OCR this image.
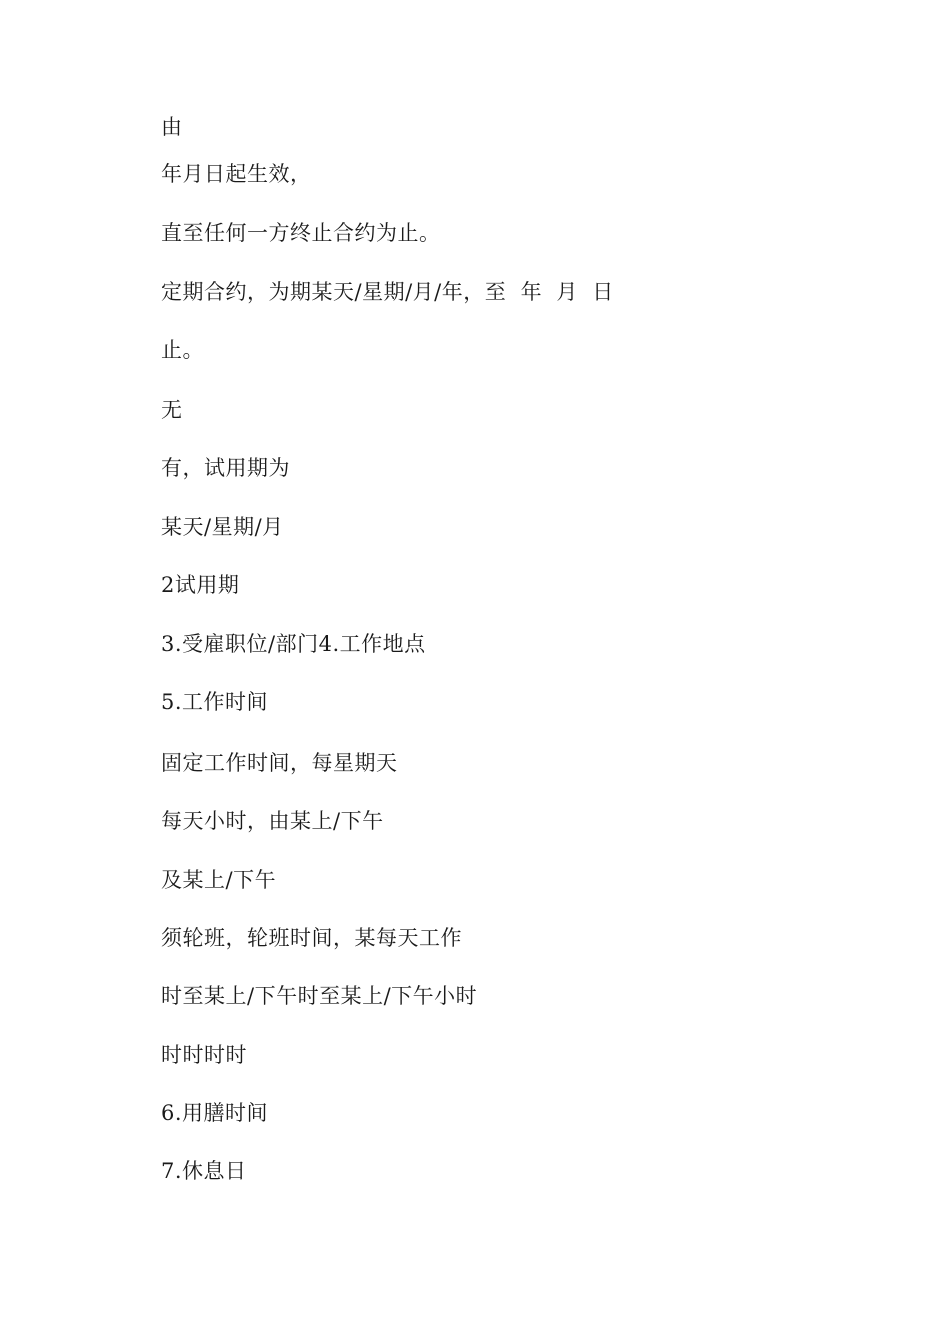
由
年月日起生效，
直至任何一方终止合约为止。
定期合约，为期某天/星期/月/年，至  年  月  日
止。
无
有，试用期为
某天/星期/月
2试用期
3.受雇职位/部门4.工作地点
5.工作时间
固定工作时间，每星期天
每天小时，由某上/下午
及某上/下午
须轮班，轮班时间，某每天工作
时至某上/下午时至某上/下午小时
时时时时
6.用膳时间
7.休息日
